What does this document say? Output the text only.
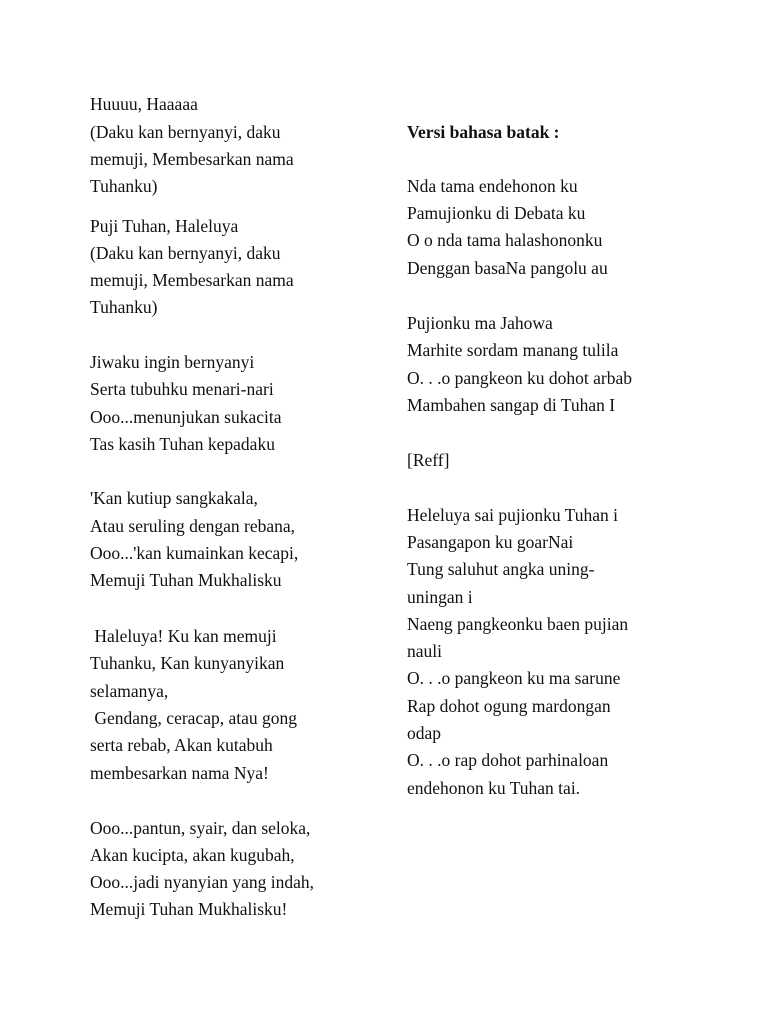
Huuuu, Haaaaa
(Daku kan bernyanyi, daku
memuji, Membesarkan nama
Tuhanku)
Puji Tuhan, Haleluya
(Daku kan bernyanyi, daku
memuji, Membesarkan nama
Tuhanku)
Jiwaku ingin bernyanyi
Serta tubuhku menari-nari
Ooo...menunjukan sukacita
Tas kasih Tuhan kepadaku
'Kan kutiup sangkakala,
Atau seruling dengan rebana,
Ooo...'kan kumainkan kecapi,
Memuji Tuhan Mukhalisku
Haleluya! Ku kan memuji
Tuhanku, Kan kunyanyikan
selamanya,
Gendang, ceracap, atau gong
serta rebab, Akan kutabuh
membesarkan nama Nya!
Ooo...pantun, syair, dan seloka,
Akan kucipta, akan kugubah,
Ooo...jadi nyanyian yang indah,
Memuji Tuhan Mukhalisku!
Versi bahasa batak :
Nda tama endehonon ku
Pamujionku di Debata ku
O o nda tama halashononku
Denggan basaNa pangolu au
Pujionku ma Jahowa
Marhite sordam manang tulila
O. . .o pangkeon ku dohot arbab
Mambahen sangap di Tuhan I
[Reff]
Heleluya sai pujionku Tuhan i
Pasangapon ku goarNai
Tung saluhut angka uning-
uningan i
Naeng pangkeonku baen pujian
nauli
O. . .o pangkeon ku ma sarune
Rap dohot ogung mardongan
odap
O. . .o rap dohot parhinaloan
endehonon ku Tuhan tai.
